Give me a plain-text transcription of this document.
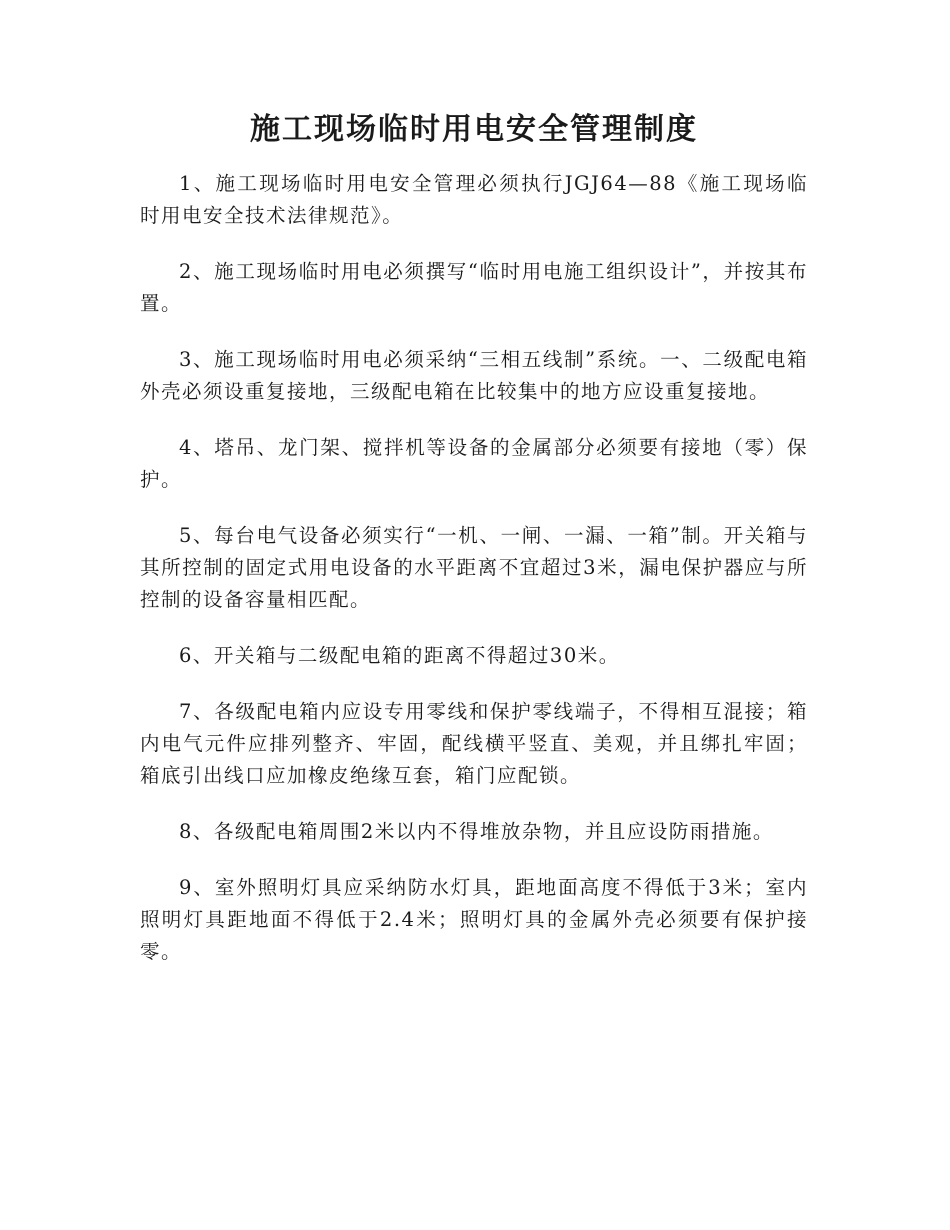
施工现场临时用电安全管理制度

1、施工现场临时用电安全管理必须执行JGJ64—88《施工现场临时用电安全技术法律规范》。

2、施工现场临时用电必须撰写“临时用电施工组织设计”，并按其布置。

3、施工现场临时用电必须采纳“三相五线制”系统。一、二级配电箱外壳必须设重复接地，三级配电箱在比较集中的地方应设重复接地。

4、塔吊、龙门架、搅拌机等设备的金属部分必须要有接地（零）保护。

5、每台电气设备必须实行“一机、一闸、一漏、一箱”制。开关箱与其所控制的固定式用电设备的水平距离不宜超过3米，漏电保护器应与所控制的设备容量相匹配。

6、开关箱与二级配电箱的距离不得超过30米。

7、各级配电箱内应设专用零线和保护零线端子，不得相互混接；箱内电气元件应排列整齐、牢固，配线横平竖直、美观，并且绑扎牢固；箱底引出线口应加橡皮绝缘互套，箱门应配锁。

8、各级配电箱周围2米以内不得堆放杂物，并且应设防雨措施。

9、室外照明灯具应采纳防水灯具，距地面高度不得低于3米；室内照明灯具距地面不得低于2.4米；照明灯具的金属外壳必须要有保护接零。
